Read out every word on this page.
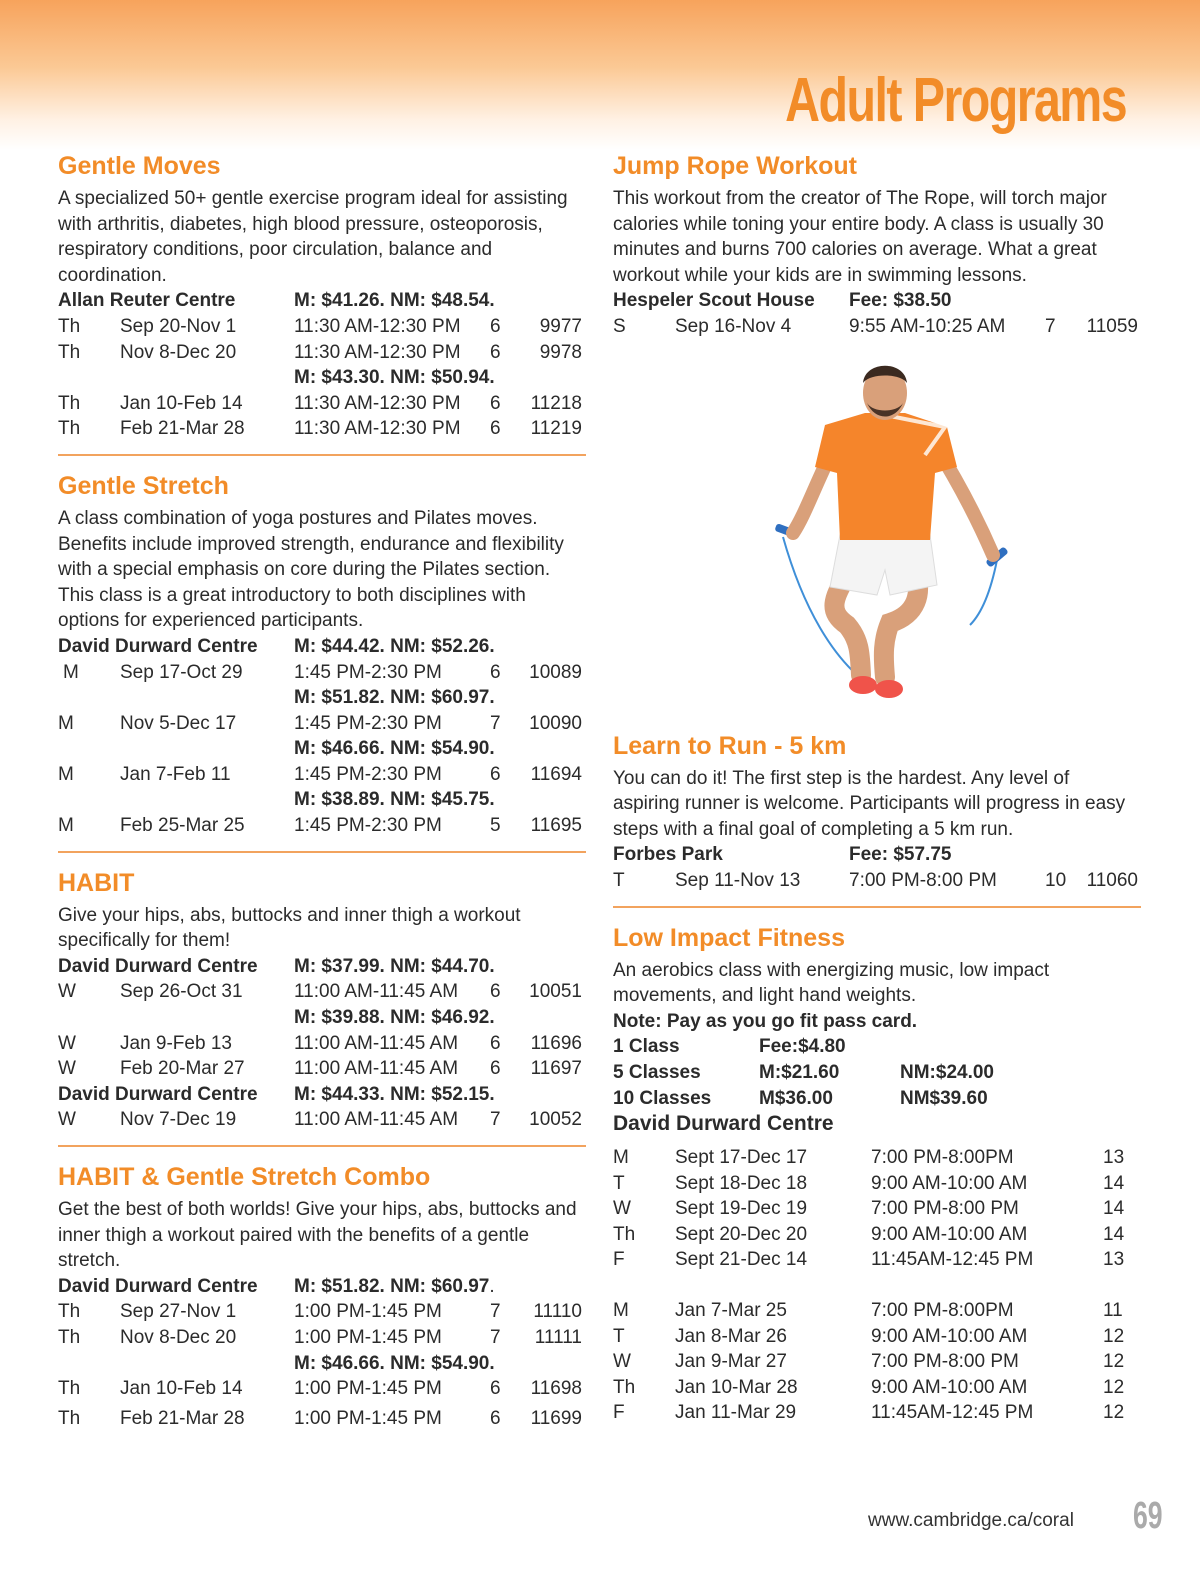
Adult Programs
Gentle Moves

A specialized 50+ gentle exercise program ideal for assisting with arthritis, diabetes, high blood pressure, osteoporosis, respiratory conditions, poor circulation, balance and coordination.

Allan Reuter Centre	M: $41.26. NM: $48.54.
Th Sep 20-Nov 1	11:30 AM-12:30 PM 6 9977
Th Nov 8-Dec 20	11:30 AM-12:30 PM 6 9978
M: $43.30. NM: $50.94.
Th Jan 10-Feb 14	11:30 AM-12:30 PM 6 11218
Th Feb 21-Mar 28	11:30 AM-12:30 PM 6 11219
Gentle Stretch

A class combination of yoga postures and Pilates moves. Benefits include improved strength, endurance and flexibility with a special emphasis on core during the Pilates section. This class is a great introductory to both disciplines with options for experienced participants.

David Durward Centre M: $44.42. NM: $52.26.
M Sep 17-Oct 29	1:45 PM-2:30 PM	6 10089
M: $51.82. NM: $60.97.
M Nov 5-Dec 17	1:45 PM-2:30 PM	7 10090
M: $46.66. NM: $54.90.
M Jan 7-Feb 11	1:45 PM-2:30 PM	6 11694
M: $38.89. NM: $45.75.
M Feb 25-Mar 25	1:45 PM-2:30 PM	5 11695
HABIT

Give your hips, abs, buttocks and inner thigh a workout specifically for them!

David Durward Centre M: $37.99. NM: $44.70.
W Sep 26-Oct 31	11:00 AM-11:45 AM 6 10051
M: $39.88. NM: $46.92.
W Jan 9-Feb 13	11:00 AM-11:45 AM 6 11696
W Feb 20-Mar 27	11:00 AM-11:45 AM 6 11697
David Durward Centre M: $44.33. NM: $52.15.
W Nov 7-Dec 19	11:00 AM-11:45 AM 7 10052
HABIT & Gentle Stretch Combo

Get the best of both worlds! Give your hips, abs, buttocks and inner thigh a workout paired with the benefits of a gentle stretch.

David Durward Centre M: $51.82. NM: $60.97.
Th Sep 27-Nov 1	1:00 PM-1:45 PM	7 11110
Th Nov 8-Dec 20	1:00 PM-1:45 PM	7 11111
M: $46.66. NM: $54.90.
Th Jan 10-Feb 14	1:00 PM-1:45 PM	6 11698
Th Feb 21-Mar 28	1:00 PM-1:45 PM	6 11699
Jump Rope Workout

This workout from the creator of The Rope, will torch major calories while toning your entire body. A class is usually 30 minutes and burns 700 calories on average. What a great workout while your kids are in swimming lessons.

Hespeler Scout House Fee: $38.50
S	Sep 16-Nov 4	9:55 AM-10:25 AM 7 11059
Learn to Run - 5 km

You can do it! The first step is the hardest. Any level of aspiring runner is welcome. Participants will progress in easy steps with a final goal of completing a 5 km run.

Forbes Park	Fee: $57.75
T	Sep 11-Nov 13	7:00 PM-8:00 PM	10 11060
Low Impact Fitness

An aerobics class with energizing music, low impact movements, and light hand weights.

Note: Pay as you go fit pass card.
1 Class	Fee:$4.80
5 Classes	M:$21.60	NM:$24.00
10 Classes	M$36.00	NM$39.60
David Durward Centre
M Sept 17-Dec 17	7:00 PM-8:00PM	13
T	Sept 18-Dec 18	9:00 AM-10:00 AM	14
W Sept 19-Dec 19	7:00 PM-8:00 PM	14
Th Sept 20-Dec 20	9:00 AM-10:00 AM	14
F	Sept 21-Dec 14	11:45AM-12:45 PM	13
M Jan 7-Mar 25	7:00 PM-8:00PM	11
T	Jan 8-Mar 26	9:00 AM-10:00 AM	12
W Jan 9-Mar 27	7:00 PM-8:00 PM	12
Th Jan 10-Mar 28	9:00 AM-10:00 AM	12
F	Jan 11-Mar 29	11:45AM-12:45 PM	12
www.cambridge.ca/coral 69
